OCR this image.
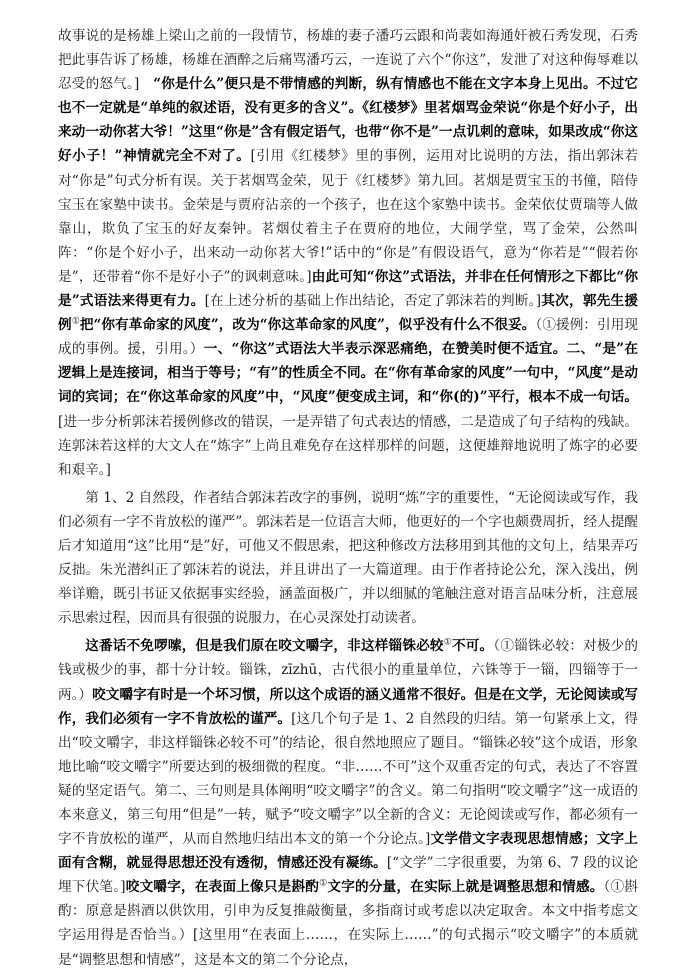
故事说的是杨雄上梁山之前的一段情节，杨雄的妻子潘巧云跟和尚裴如海通奸被石秀发现，石秀把此事告诉了杨雄，杨雄在酒醉之后痛骂潘巧云，一连说了六个“你这”，发泄了对这种侮辱难以忍受的怒气。]　“你是什么”便只是不带情感的判断，纵有情感也不能在文字本身上见出。不过它也不一定就是“单纯的叙述语，没有更多的含义”。《红楼梦》里茗烟骂金荣说“你是个好小子，出来动一动你茗大爷！”这里“你是”含有假定语气，也带“你不是”一点讥刺的意味，如果改成“你这好小子！”神情就完全不对了。[引用《红楼梦》里的事例，运用对比说明的方法，指出郭沫若对“你是”句式分析有误。关于茗烟骂金荣，见于《红楼梦》第九回。茗烟是贾宝玉的书僮，陪侍宝玉在家塾中读书。金荣是与贾府沾亲的一个孩子，也在这个家塾中读书。金荣依仗贾瑞等人做靠山，欺负了宝玉的好友秦钟。茗烟仗着主子在贾府的地位，大闹学堂，骂了金荣，公然叫阵：“你是个好小子，出来动一动你茗大爷!”话中的“你是”有假设语气，意为“你若是”“假若你是”，还带着“你不是好小子”的讽刺意味。]由此可知“你这”式语法，并非在任何情形之下都比“你是”式语法来得更有力。[在上述分析的基础上作出结论，否定了郭沫若的判断。]其次，郭先生援例①把“你有革命家的风度”，改为“你这革命家的风度”，似乎没有什么不很妥。（①援例：引用现成的事例。援，引用。）一、“你这”式语法大半表示深恶痛绝，在赞美时便不适宜。二、“是”在逻辑上是连接词，相当于等号；“有”的性质全不同。在“你有革命家的风度”一句中，“风度”是动词的宾词；在“你这革命家的风度”中，“风度”便变成主词，和“你(的)”平行，根本不成一句话。[进一步分析郭沫若援例修改的错误，一是弄错了句式表达的情感，二是造成了句子结构的残缺。连郭沫若这样的大文人在“炼字”上尚且难免存在这样那样的问题，这便雄辩地说明了炼字的必要和艰辛。]

第 1、2 自然段，作者结合郭沫若改字的事例，说明“炼”字的重要性，“无论阅读或写作，我们必须有一字不肯放松的谨严”。郭沫若是一位语言大师，他更好的一个字也颇费周折，经人提醒后才知道用“这”比用“是”好，可他又不假思索，把这种修改方法移用到其他的文句上，结果弄巧反拙。朱光潜纠正了郭沫若的说法，并且讲出了一大篇道理。由于作者持论公允，深入浅出，例举详赡，既引书证又依据事实经验，涵盖面极广，并以细腻的笔触注意对语言品味分析，注意展示思索过程，因而具有很强的说服力，在心灵深处打动读者。

这番话不免啰嗦，但是我们原在咬文嚼字，非这样锱铢必较①不可。（①锱铢必较：对极少的钱或极少的事，都十分计较。锱铢，zīzhū，古代很小的重量单位，六铢等于一锱，四锱等于一两。）咬文嚼字有时是一个坏习惯，所以这个成语的涵义通常不很好。但是在文学，无论阅读或写作，我们必须有一字不肯放松的谨严。[这几个句子是 1、2 自然段的归结。第一句紧承上文，得出“咬文嚼字，非这样锱铢必较不可”的结论，很自然地照应了题目。“锱铢必较”这个成语，形象地比喻“咬文嚼字”所要达到的极细微的程度。“非……不可”这个双重否定的句式，表达了不容置疑的坚定语气。第二、三句则是具体阐明“咬文嚼字”的含义。第二句指明“咬文嚼字”这一成语的本来意义，第三句用“但是”一转，赋予“咬文嚼字”以全新的含义：无论阅读或写作，都必须有一字不肯放松的谨严，从而自然地归结出本文的第一个分论点。]文学借文字表现思想情感；文字上面有含糊，就显得思想还没有透彻，情感还没有凝练。[“文学”二字很重要，为第 6、7 段的议论埋下伏笔。]咬文嚼字，在表面上像只是斟酌①文字的分量，在实际上就是调整思想和情感。（①斟酌：原意是斟酒以供饮用，引申为反复推敲衡量，多指商讨或考虑以决定取舍。本文中指考虑文字运用得是否恰当。）[这里用“在表面上……，在实际上……”的句式揭示“咬文嚼字”的本质就是“调整思想和情感”，这是本文的第二个分论点，
